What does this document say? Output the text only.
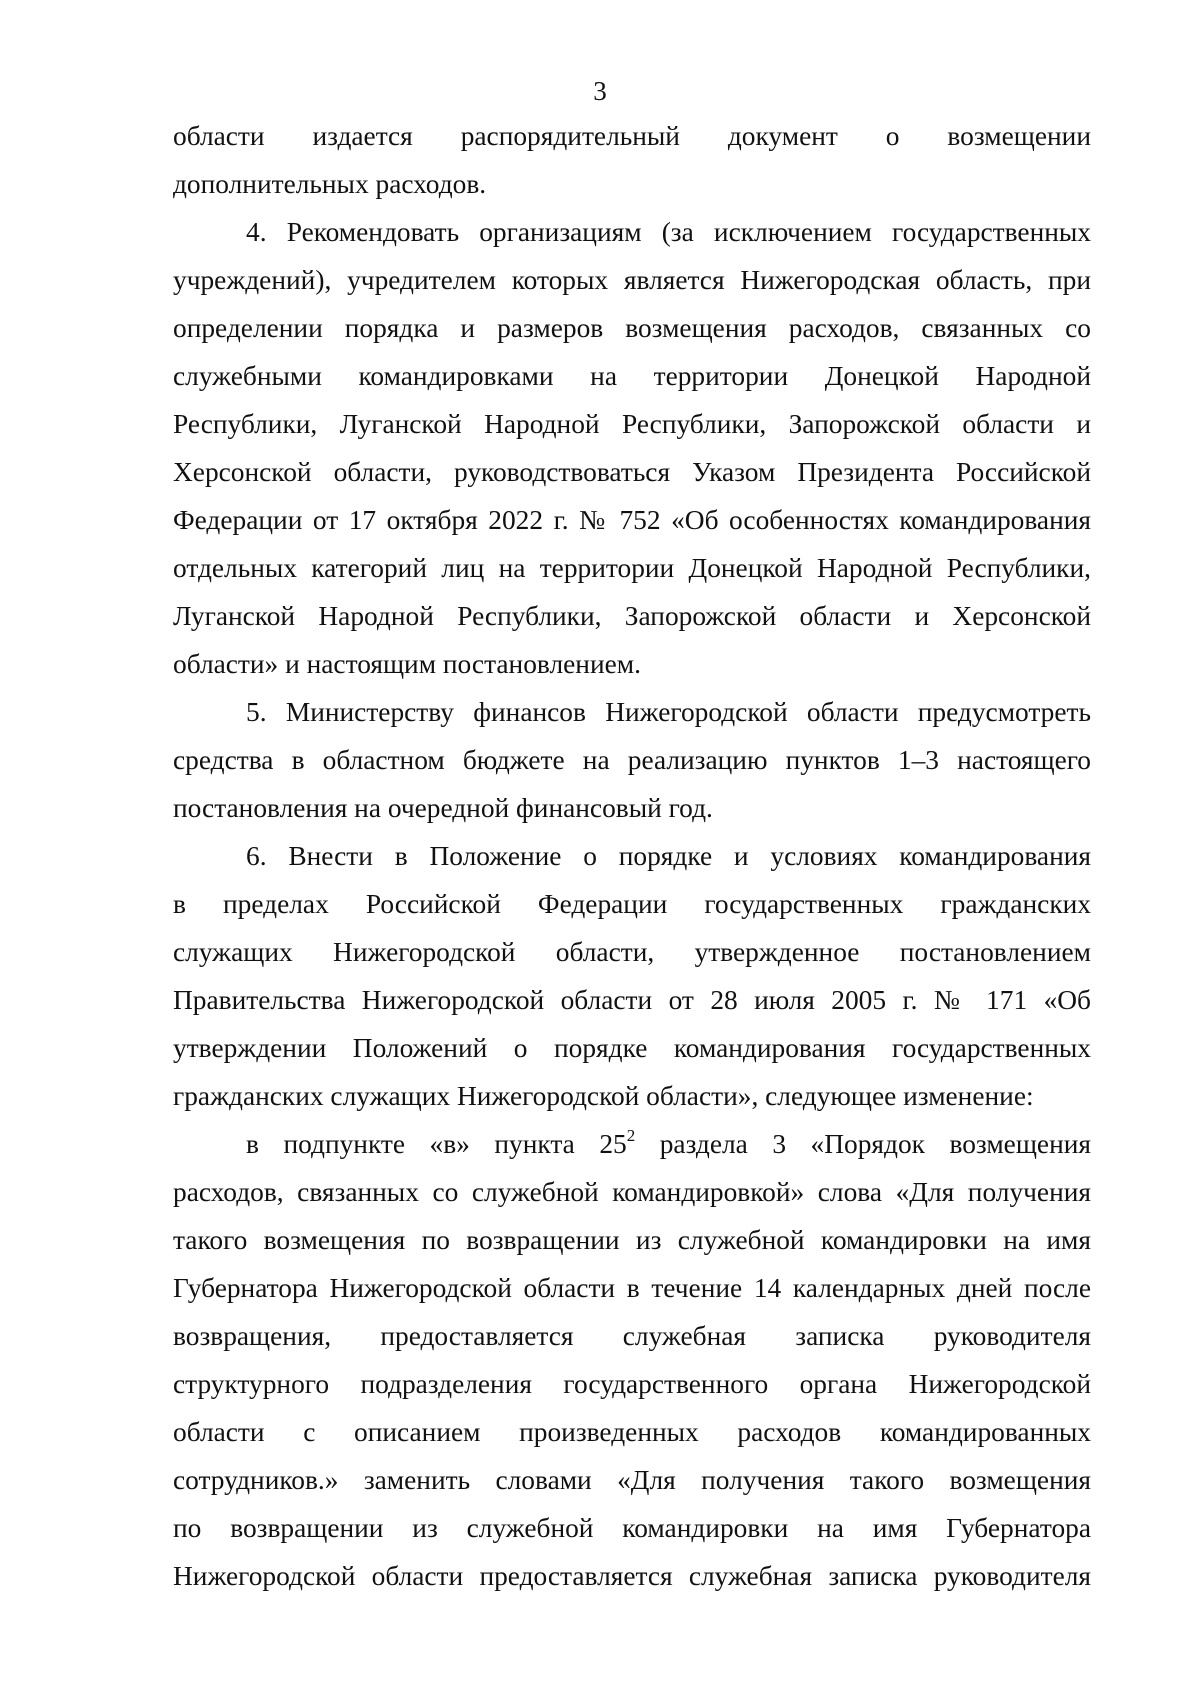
3
области издается распорядительный документ о возмещении
дополнительных расходов.
4. Рекомендовать организациям (за исключением государственных
учреждений), учредителем которых является Нижегородская область, при
определении порядка и размеров возмещения расходов, связанных со
служебными командировками на территории Донецкой Народной
Республики, Луганской Народной Республики, Запорожской области и
Херсонской области, руководствоваться Указом Президента Российской
Федерации от 17 октября 2022 г. № 752 «Об особенностях командирования
отдельных категорий лиц на территории Донецкой Народной Республики,
Луганской Народной Республики, Запорожской области и Херсонской
области» и настоящим постановлением.
5. Министерству финансов Нижегородской области предусмотреть
средства в областном бюджете на реализацию пунктов 1–3 настоящего
постановления на очередной финансовый год.
6. Внести в Положение о порядке и условиях командирования
в пределах Российской Федерации государственных гражданских
служащих Нижегородской области, утвержденное постановлением
Правительства Нижегородской области от 28 июля 2005 г. № 171 «Об
утверждении Положений о порядке командирования государственных
гражданских служащих Нижегородской области», следующее изменение:
в подпункте «в» пункта $25^2$ раздела 3 «Порядок возмещения
расходов, связанных со служебной командировкой» слова «Для получения
такого возмещения по возвращении из служебной командировки на имя
Губернатора Нижегородской области в течение 14 календарных дней после
возвращения, предоставляется служебная записка руководителя
структурного подразделения государственного органа Нижегородской
области с описанием произведенных расходов командированных
сотрудников.» заменить словами «Для получения такого возмещения
по возвращении из служебной командировки на имя Губернатора
Нижегородской области предоставляется служебная записка руководителя
